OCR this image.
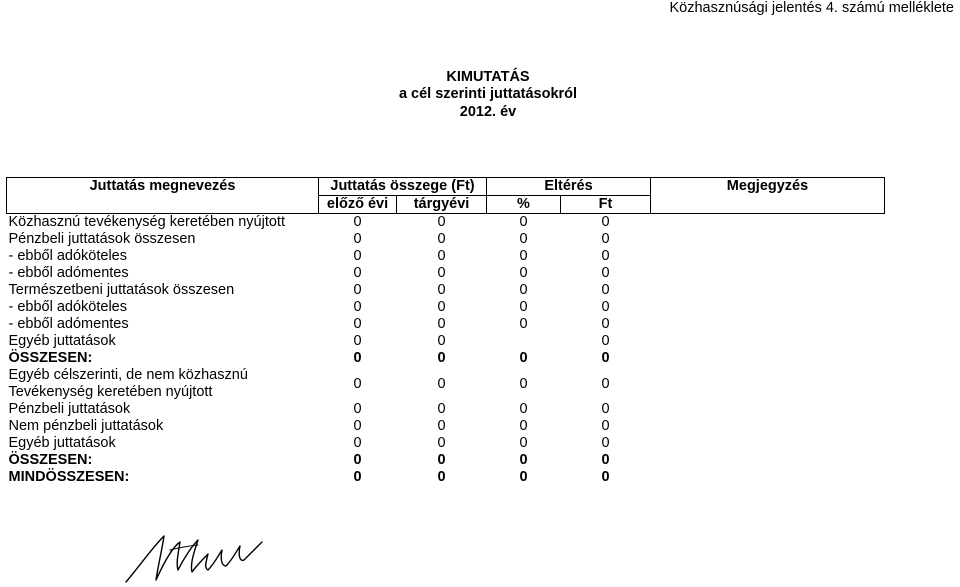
Közhasznúsági jelentés 4. számú melléklete
KIMUTATÁS
a cél szerinti juttatásokról
2012. év
Juttatás megnevezés	Juttatás összege (Ft)		Eltérés		Megjegyzés
	előző évi	tárgyévi	%	Ft	
Közhasznú tevékenység keretében nyújtott	0	0	0	0	
Pénzbeli juttatások összesen	0	0	0	0	
- ebből adóköteles	0	0	0	0	
- ebből adómentes	0	0	0	0	
Természetbeni juttatások összesen	0	0	0	0	
- ebből adóköteles	0	0	0	0	
- ebből adómentes	0	0	0	0	
Egyéb juttatások	0	0		0	
ÖSSZESEN:	0	0	0	0	
Egyéb célszerinti, de nem közhasznú Tevékenység keretében nyújtott	0	0	0	0	
Pénzbeli juttatások	0	0	0	0	
Nem pénzbeli juttatások	0	0	0	0	
Egyéb juttatások	0	0	0	0	
ÖSSZESEN:	0	0	0	0	
MINDÖSSZESEN:	0	0	0	0	
